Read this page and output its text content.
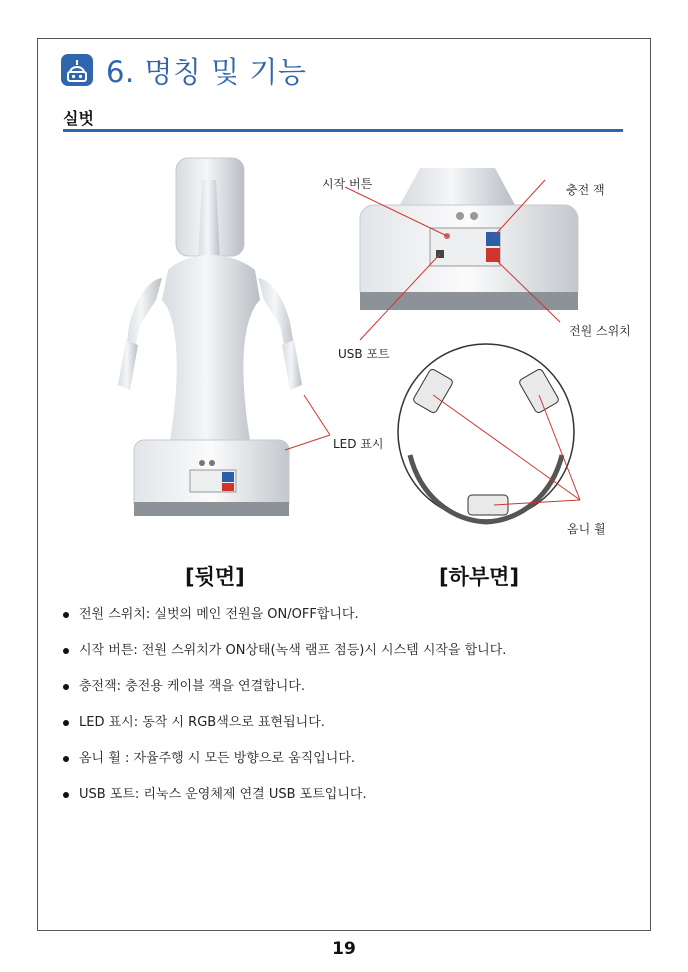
6. 명칭 및 기능
실벗
시작 버튼	충전 잭
전원 스위치
USB 포트
LED 표시
옴니 휠
[뒷면]	[하부면]
전원 스위치: 실벗의 메인 전원을 ON/OFF합니다.
시작 버튼: 전원 스위치가 ON상태(녹색 램프 점등)시 시스템 시작을 합니다.
충전잭: 충전용 케이블 잭을 연결합니다.
LED 표시: 동작 시 RGB색으로 표현됩니다.
옴니 휠 : 자율주행 시 모든 방향으로 움직입니다.
USB 포트: 리눅스 운영체제 연결 USB 포트입니다.
19
